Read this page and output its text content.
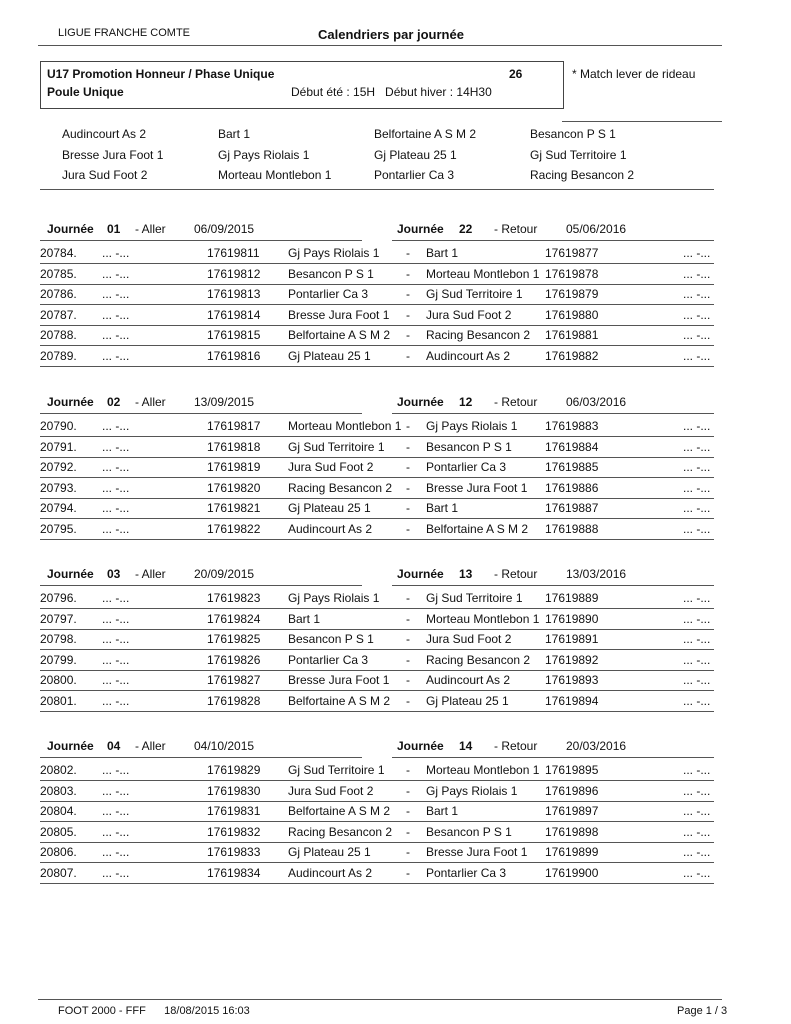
LIGUE FRANCHE COMTE	Calendriers par journée
U17 Promotion Honneur / Phase Unique	26
Poule Unique	Début été : 15H   Début hiver : 14H30
* Match lever de rideau
Audincourt As 2	Bart 1	Belfortaine A S M 2	Besancon P S 1
Bresse Jura Foot 1	Gj Pays Riolais 1	Gj Plateau 25 1	Gj Sud Territoire 1
Jura Sud Foot 2	Morteau Montlebon 1	Pontarlier Ca 3	Racing Besancon 2
Journée 01 - Aller 06/09/2015	Journée 22 - Retour 05/06/2016
20784. ... -...	17619811 Gj Pays Riolais 1 - Bart 1	17619877	... -...
20785. ... -...	17619812 Besancon P S 1	- Morteau Montlebon 1 17619878	... -...
20786. ... -...	17619813 Pontarlier Ca 3	- Gj Sud Territoire 1 17619879	... -...
20787. ... -...	17619814 Bresse Jura Foot 1 - Jura Sud Foot 2	17619880	... -...
20788. ... -...	17619815 Belfortaine A S M 2 - Racing Besancon 2 17619881	... -...
20789. ... -...	17619816 Gj Plateau 25 1	- Audincourt As 2	17619882	... -...
Journée 02 - Aller 13/09/2015	Journée 12 - Retour 06/03/2016
20790. ... -...	17619817 Morteau Montlebon 1 - Gj Pays Riolais 1 17619883	... -...
20791. ... -...	17619818 Gj Sud Territoire 1 - Besancon P S 1	17619884	... -...
20792. ... -...	17619819 Jura Sud Foot 2	- Pontarlier Ca 3	17619885	... -...
20793. ... -...	17619820 Racing Besancon 2 - Bresse Jura Foot 1 17619886	... -...
20794. ... -...	17619821 Gj Plateau 25 1	- Bart 1	17619887	... -...
20795. ... -...	17619822 Audincourt As 2	- Belfortaine A S M 2 17619888	... -...
Journée 03 - Aller 20/09/2015	Journée 13 - Retour 13/03/2016
20796. ... -...	17619823 Gj Pays Riolais 1 - Gj Sud Territoire 1 17619889	... -...
20797. ... -...	17619824 Bart 1	- Morteau Montlebon 1 17619890	... -...
20798. ... -...	17619825 Besancon P S 1	- Jura Sud Foot 2	17619891	... -...
20799. ... -...	17619826 Pontarlier Ca 3	- Racing Besancon 2 17619892	... -...
20800. ... -...	17619827 Bresse Jura Foot 1 - Audincourt As 2	17619893	... -...
20801. ... -...	17619828 Belfortaine A S M 2 - Gj Plateau 25 1	17619894	... -...
Journée 04 - Aller 04/10/2015	Journée 14 - Retour 20/03/2016
20802. ... -...	17619829 Gj Sud Territoire 1 - Morteau Montlebon 1 17619895	... -...
20803. ... -...	17619830 Jura Sud Foot 2	- Gj Pays Riolais 1 17619896	... -...
20804. ... -...	17619831 Belfortaine A S M 2 - Bart 1	17619897	... -...
20805. ... -...	17619832 Racing Besancon 2 - Besancon P S 1	17619898	... -...
20806. ... -...	17619833 Gj Plateau 25 1	- Bresse Jura Foot 1 17619899	... -...
20807. ... -...	17619834 Audincourt As 2	- Pontarlier Ca 3	17619900	... -...
FOOT 2000 - FFF      18/08/2015 16:03	Page 1 / 3
